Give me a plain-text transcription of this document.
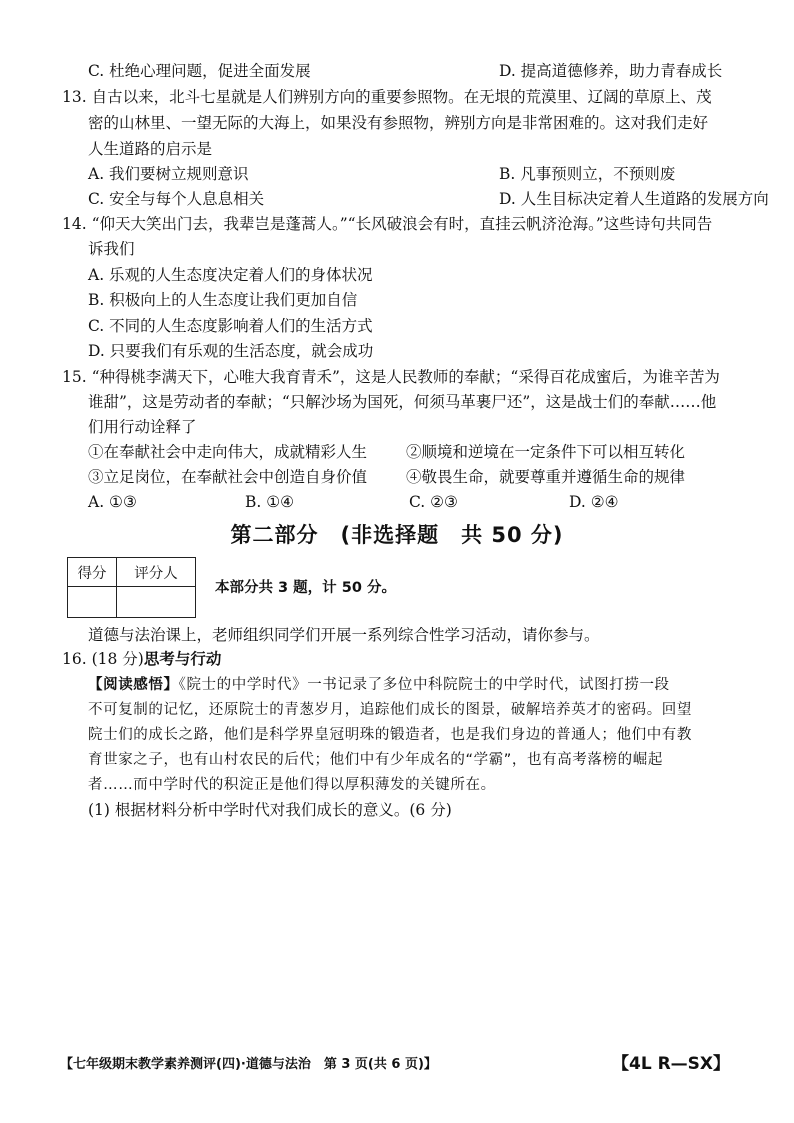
C. 杜绝心理问题，促进全面发展	D. 提高道德修养，助力青春成长
13. 自古以来，北斗七星就是人们辨别方向的重要参照物。在无垠的荒漠里、辽阔的草原上、茂
密的山林里、一望无际的大海上，如果没有参照物，辨别方向是非常困难的。这对我们走好
人生道路的启示是
A. 我们要树立规则意识	B. 凡事预则立，不预则废
C. 安全与每个人息息相关	D. 人生目标决定着人生道路的发展方向
14. “仰天大笑出门去，我辈岂是蓬蒿人。”“长风破浪会有时，直挂云帆济沧海。”这些诗句共同告
诉我们
A. 乐观的人生态度决定着人们的身体状况
B. 积极向上的人生态度让我们更加自信
C. 不同的人生态度影响着人们的生活方式
D. 只要我们有乐观的生活态度，就会成功
15. “种得桃李满天下，心唯大我育青禾”，这是人民教师的奉献；“采得百花成蜜后，为谁辛苦为
谁甜”，这是劳动者的奉献；“只解沙场为国死，何须马革裹尸还”，这是战士们的奉献……他
们用行动诠释了
①在奉献社会中走向伟大，成就精彩人生	②顺境和逆境在一定条件下可以相互转化
③立足岗位，在奉献社会中创造自身价值	④敬畏生命，就要尊重并遵循生命的规律
A. ①③	B. ①④	C. ②③	D. ②④
第二部分　(非选择题　共 50 分)
得分	评分人

本部分共 3 题，计 50 分。
道德与法治课上，老师组织同学们开展一系列综合性学习活动，请你参与。
16. (18 分)思考与行动
【阅读感悟】《院士的中学时代》一书记录了多位中科院院士的中学时代，试图打捞一段
不可复制的记忆，还原院士的青葱岁月，追踪他们成长的图景，破解培养英才的密码。回望
院士们的成长之路，他们是科学界皇冠明珠的锻造者，也是我们身边的普通人；他们中有教
育世家之子，也有山村农民的后代；他们中有少年成名的“学霸”，也有高考落榜的崛起
者……而中学时代的积淀正是他们得以厚积薄发的关键所在。
(1) 根据材料分析中学时代对我们成长的意义。(6 分)
【七年级期末教学素养测评(四)·道德与法治　第 3 页(共 6 页)】	【4L R—SX】
